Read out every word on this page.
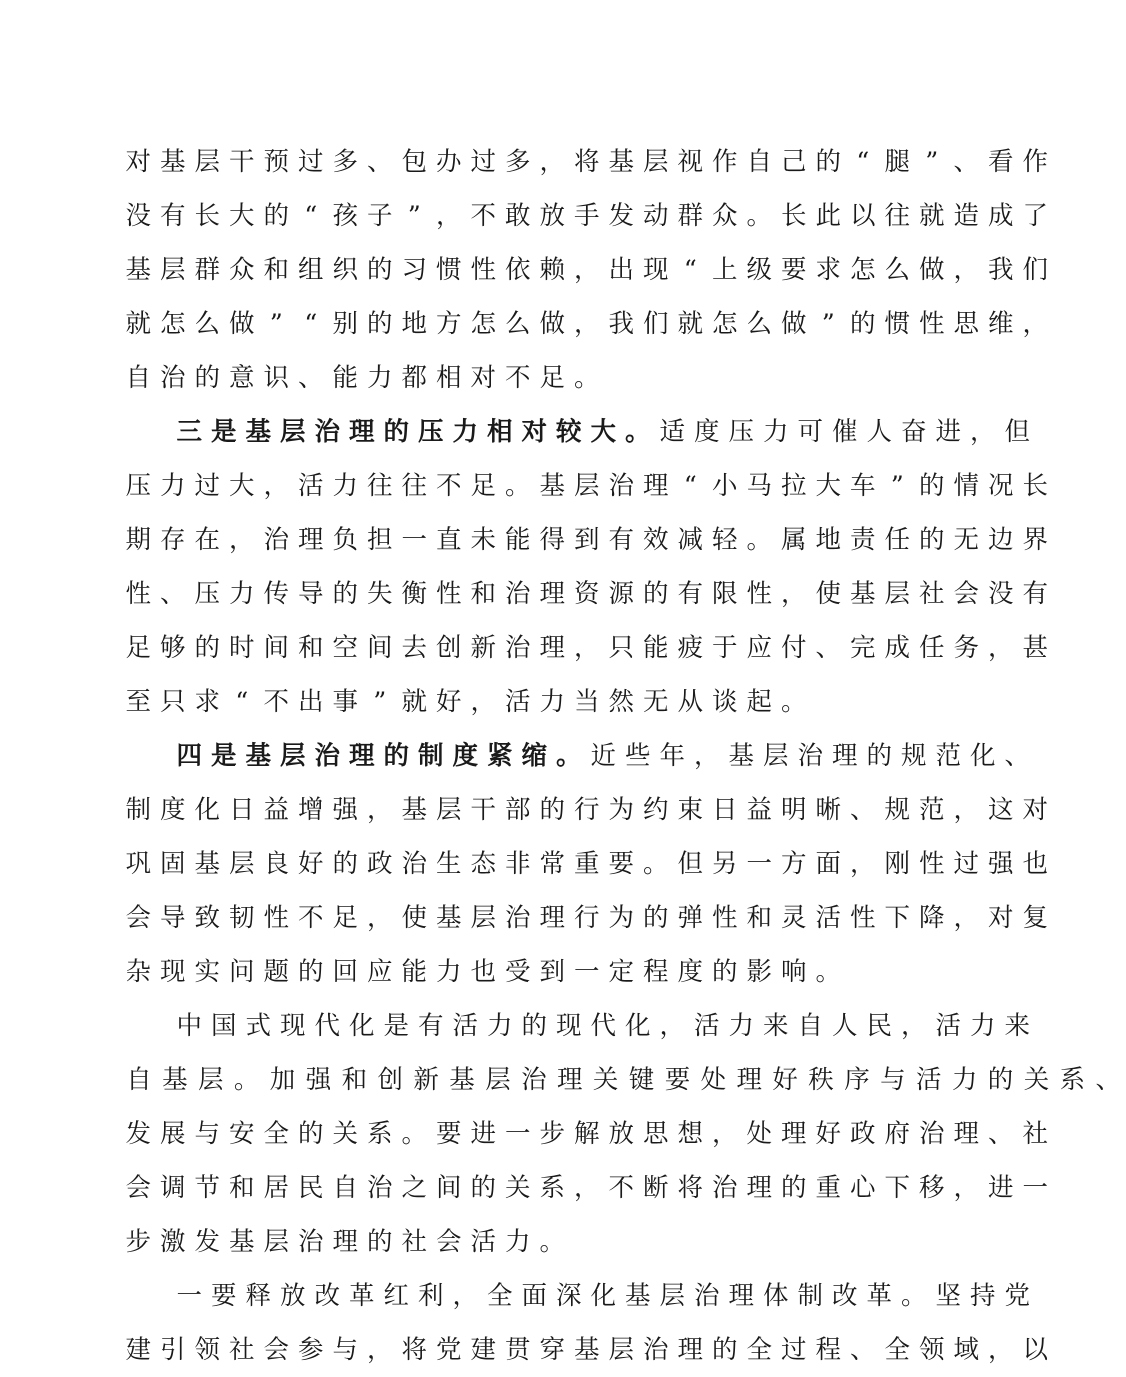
对 基 层 干 预 过 多 、 包 办 过 多 ， 将 基 层 视 作 自 己 的 “ 腿 ” 、 看 作
没 有 长 大 的 “ 孩 子 ” ， 不 敢 放 手 发 动 群 众 。 长 此 以 往 就 造 成 了
基 层 群 众 和 组 织 的 习 惯 性 依 赖 ， 出 现 “ 上 级 要 求 怎 么 做 ， 我 们
就 怎 么 做 ” “ 别 的 地 方 怎 么 做 ， 我 们 就 怎 么 做 ” 的 惯 性 思 维 ，
自 治 的 意 识 、 能 力 都 相 对 不 足 。
三 是 基 层 治 理 的 压 力 相 对 较 大 。 适 度 压 力 可 催 人 奋 进 ， 但
压 力 过 大 ， 活 力 往 往 不 足 。 基 层 治 理 “ 小 马 拉 大 车 ” 的 情 况 长
期 存 在 ， 治 理 负 担 一 直 未 能 得 到 有 效 减 轻 。 属 地 责 任 的 无 边 界
性 、 压 力 传 导 的 失 衡 性 和 治 理 资 源 的 有 限 性 ， 使 基 层 社 会 没 有
足 够 的 时 间 和 空 间 去 创 新 治 理 ， 只 能 疲 于 应 付 、 完 成 任 务 ， 甚
至 只 求 “ 不 出 事 ” 就 好 ， 活 力 当 然 无 从 谈 起 。
四 是 基 层 治 理 的 制 度 紧 缩 。 近 些 年 ， 基 层 治 理 的 规 范 化 、
制 度 化 日 益 增 强 ， 基 层 干 部 的 行 为 约 束 日 益 明 晰 、 规 范 ， 这 对
巩 固 基 层 良 好 的 政 治 生 态 非 常 重 要 。 但 另 一 方 面 ， 刚 性 过 强 也
会 导 致 韧 性 不 足 ， 使 基 层 治 理 行 为 的 弹 性 和 灵 活 性 下 降 ， 对 复
杂 现 实 问 题 的 回 应 能 力 也 受 到 一 定 程 度 的 影 响 。
中 国 式 现 代 化 是 有 活 力 的 现 代 化 ， 活 力 来 自 人 民 ， 活 力 来
自 基 层 。 加 强 和 创 新 基 层 治 理 关 键 要 处 理 好 秩 序 与 活 力 的 关 系 、
发 展 与 安 全 的 关 系 。 要 进 一 步 解 放 思 想 ， 处 理 好 政 府 治 理 、 社
会 调 节 和 居 民 自 治 之 间 的 关 系 ， 不 断 将 治 理 的 重 心 下 移 ， 进 一
步 激 发 基 层 治 理 的 社 会 活 力 。
一 要 释 放 改 革 红 利 ， 全 面 深 化 基 层 治 理 体 制 改 革 。 坚 持 党
建 引 领 社 会 参 与 ， 将 党 建 贯 穿 基 层 治 理 的 全 过 程 、 全 领 域 ， 以
